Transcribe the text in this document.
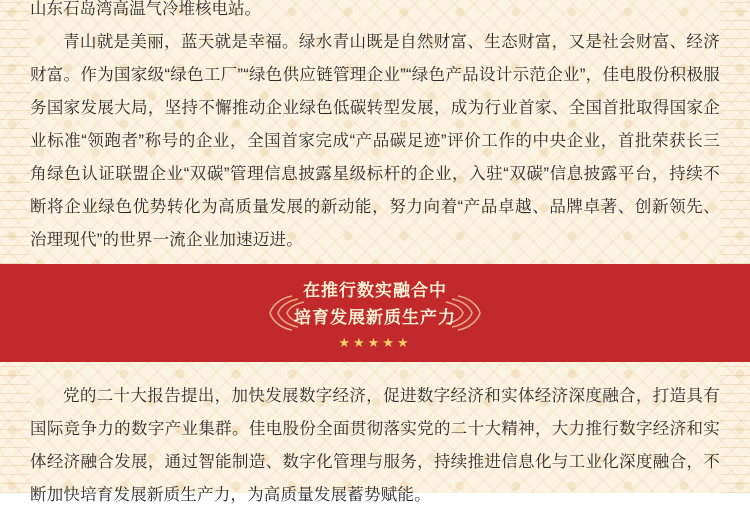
山东石岛湾高温气冷堆核电站。

青山就是美丽，蓝天就是幸福。绿水青山既是自然财富、生态财富，又是社会财富、经济财富。作为国家级“绿色工厂”“绿色供应链管理企业”“绿色产品设计示范企业”，佳电股份积极服务国家发展大局，坚持不懈推动企业绿色低碳转型发展，成为行业首家、全国首批取得国家企业标准“领跑者”称号的企业，全国首家完成“产品碳足迹”评价工作的中央企业，首批荣获长三角绿色认证联盟企业“双碳”管理信息披露星级标杆的企业，入驻“双碳”信息披露平台，持续不断将企业绿色优势转化为高质量发展的新动能，努力向着“产品卓越、品牌卓著、创新领先、治理现代”的世界一流企业加速迈进。

在推行数实融合中
培育发展新质生产力
★★★★★

党的二十大报告提出，加快发展数字经济，促进数字经济和实体经济深度融合，打造具有国际竞争力的数字产业集群。佳电股份全面贯彻落实党的二十大精神，大力推行数字经济和实体经济融合发展，通过智能制造、数字化管理与服务，持续推进信息化与工业化深度融合，不断加快培育发展新质生产力，为高质量发展蓄势赋能。
